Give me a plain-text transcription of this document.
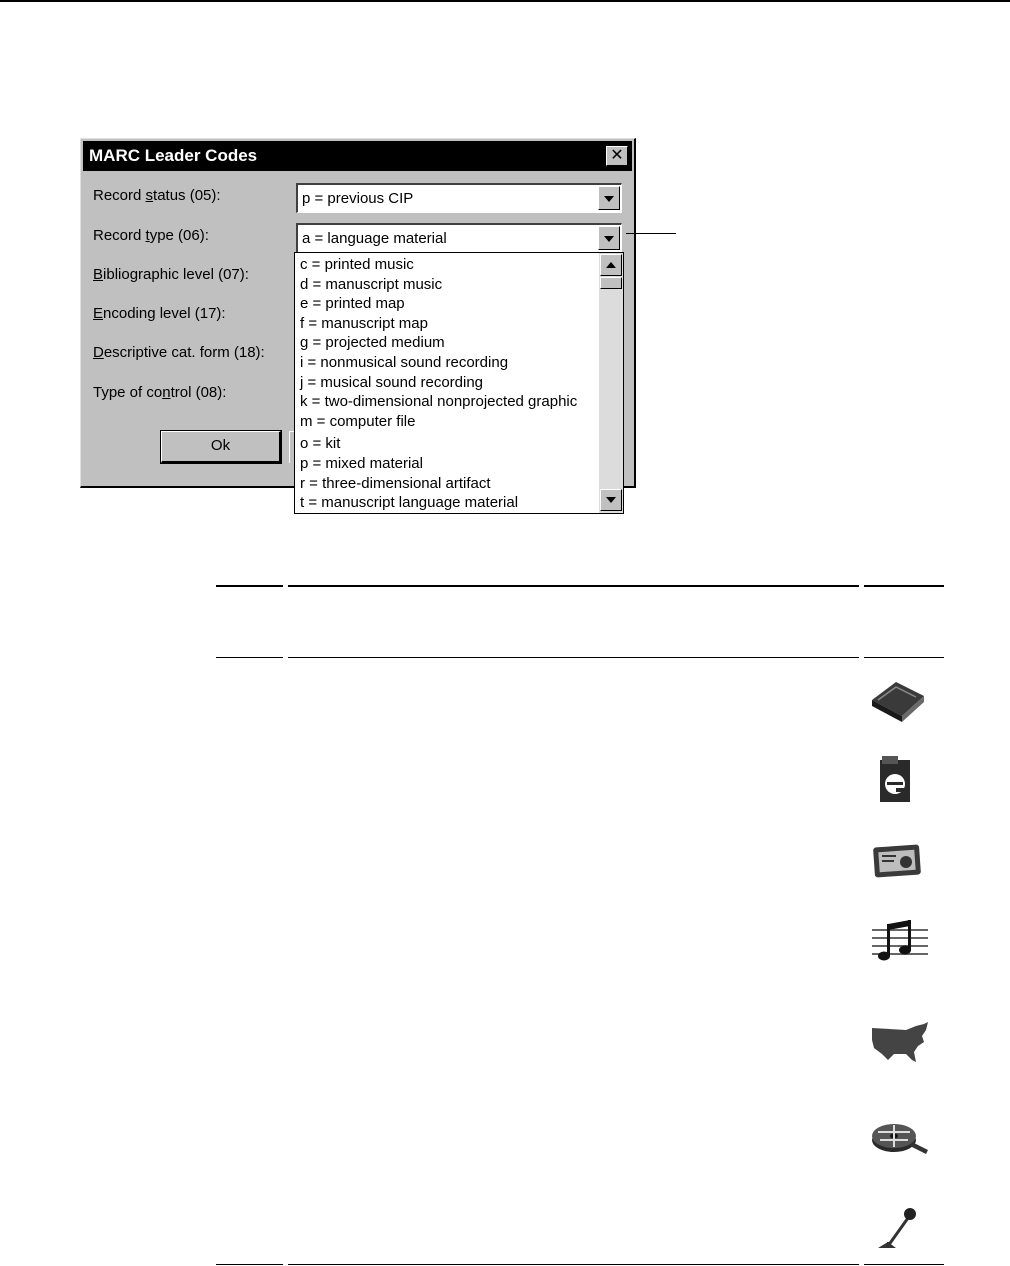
MARC Leader Codes	✕
Record status (05):	p = previous CIP
Record type (06):	a = language material
Bibliographic level (07):
Encoding level (17):
Descriptive cat. form (18):
Type of control (08):
Ok
c = printed music
d = manuscript music
e = printed map
f = manuscript map
g = projected medium
i = nonmusical sound recording
j = musical sound recording
k = two-dimensional nonprojected graphic
m = computer file
o = kit
p = mixed material
r = three-dimensional artifact
t = manuscript language material
